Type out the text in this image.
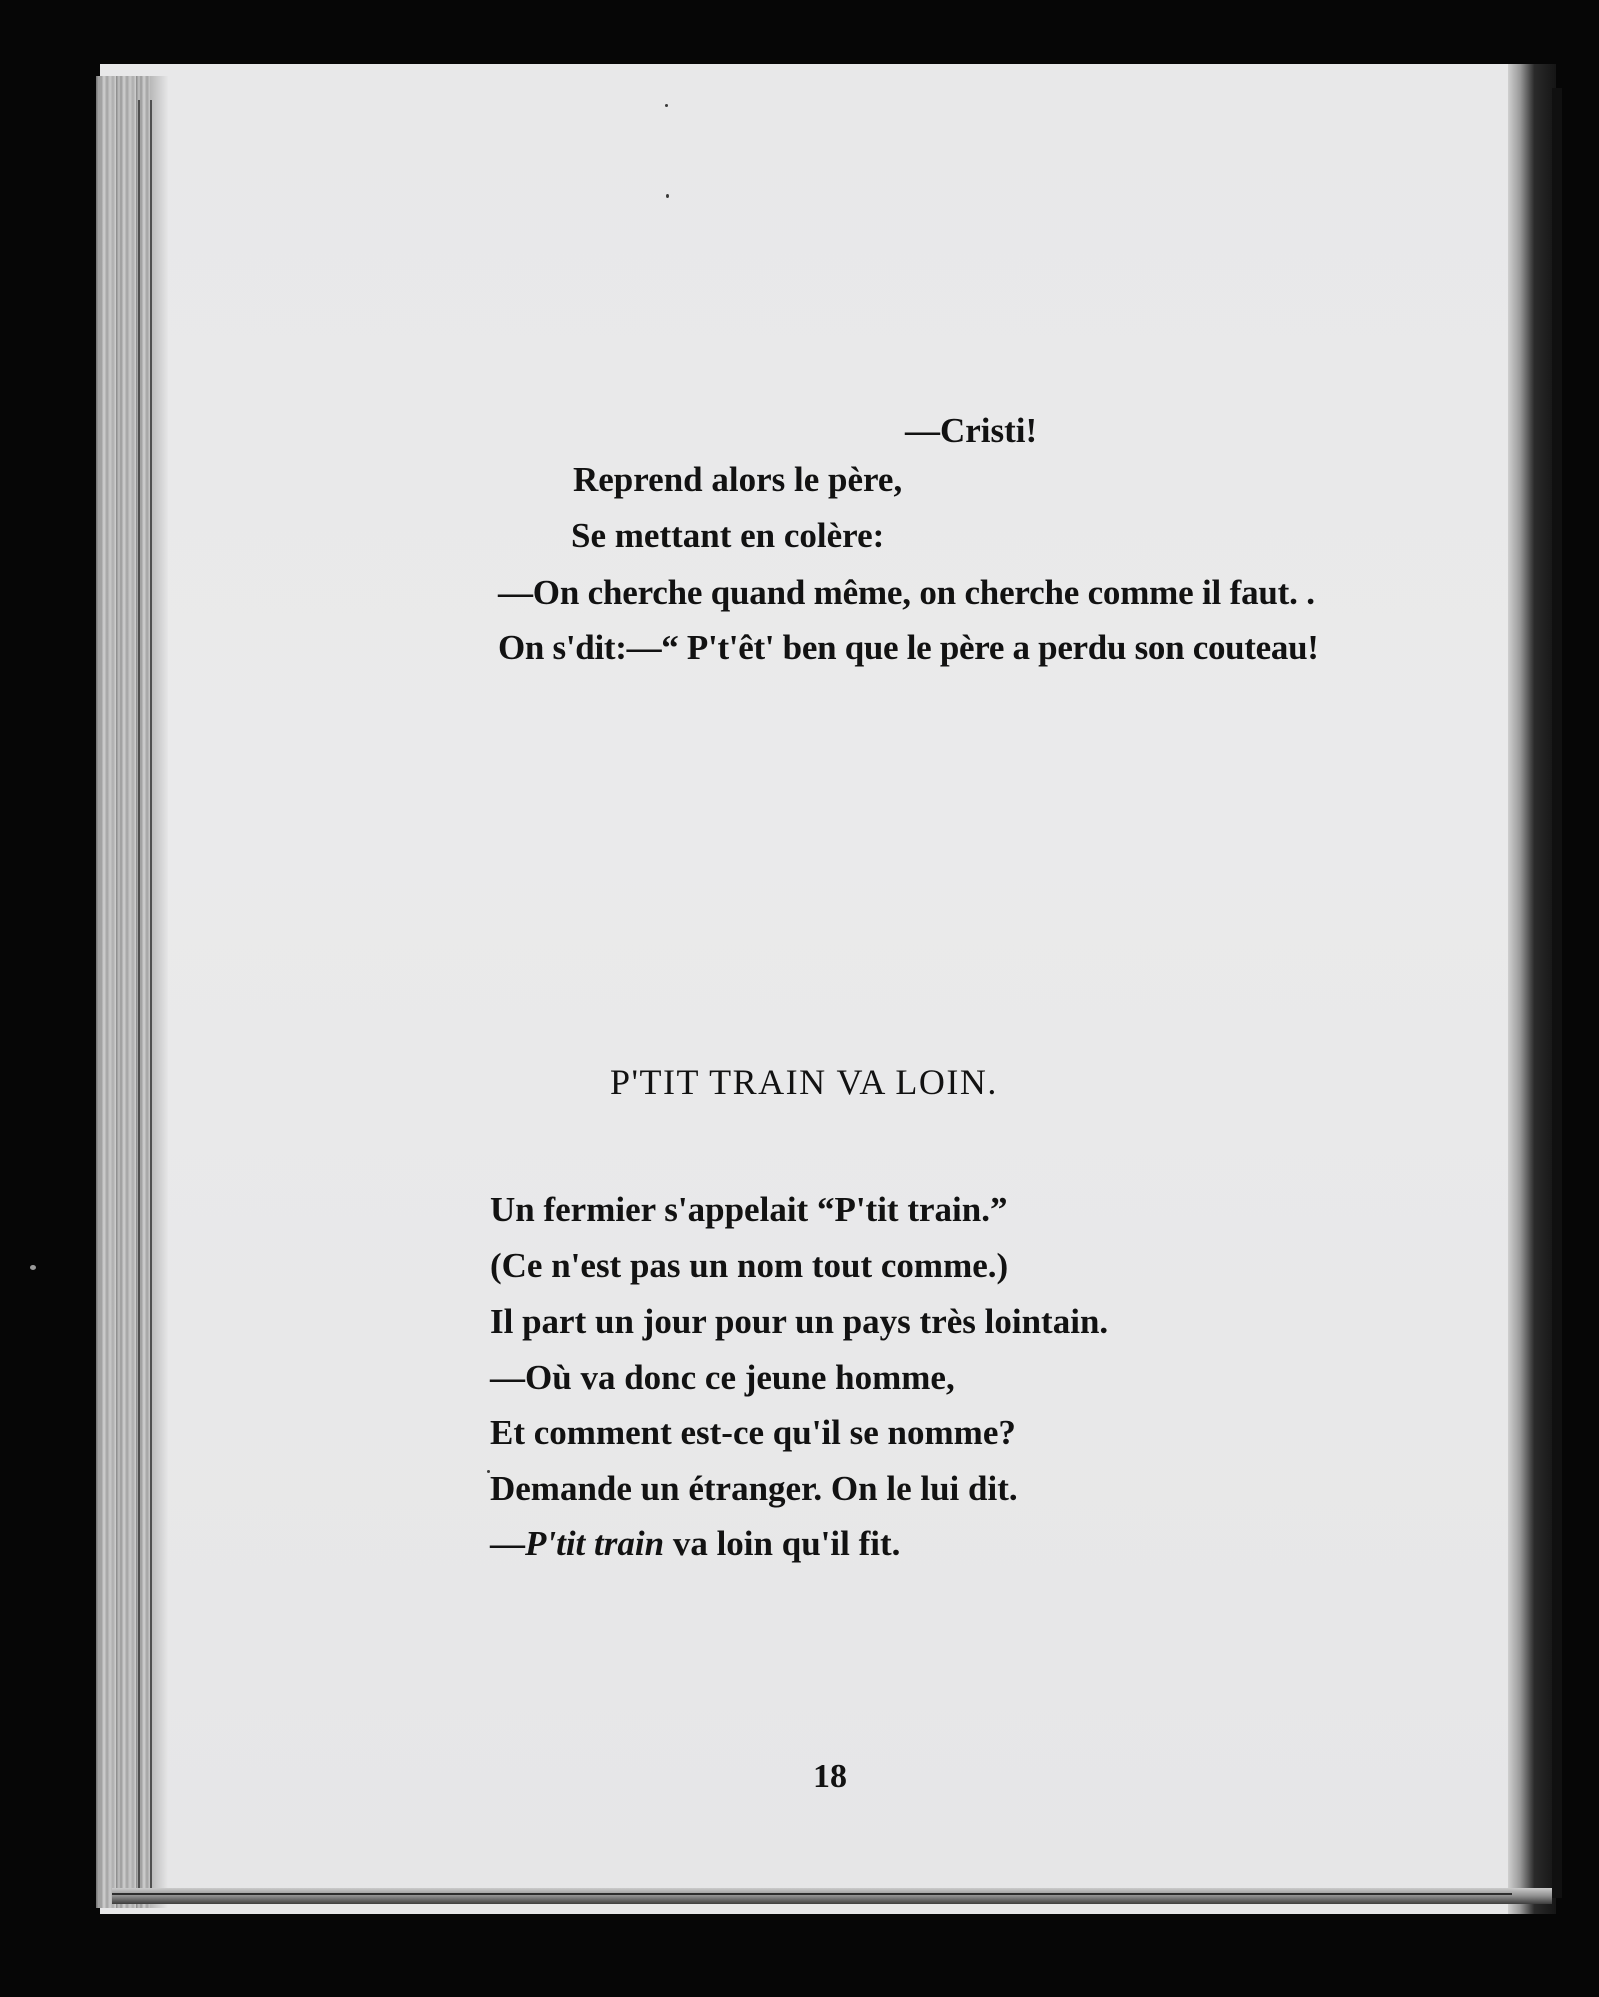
—Cristi!
Reprend alors le père,
Se mettant en colère:
—On cherche quand même, on cherche comme il faut. .
On s'dit:—“ P't'êt' ben que le père a perdu son couteau!
P'TIT TRAIN VA LOIN.
Un fermier s'appelait “P'tit train.”
(Ce n'est pas un nom tout comme.)
Il part un jour pour un pays très lointain.
—Où va donc ce jeune homme,
Et comment est-ce qu'il se nomme?
Demande un étranger. On le lui dit.
—P'tit train va loin qu'il fit.
18
